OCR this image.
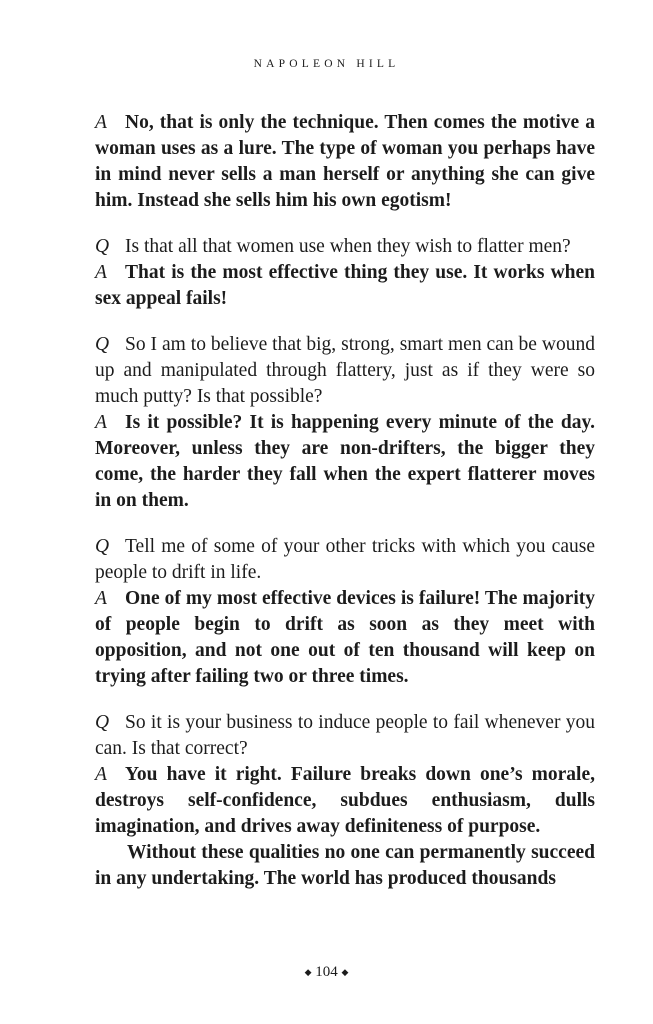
NAPOLEON HILL

A No, that is only the technique. Then comes the motive a woman uses as a lure. The type of woman you perhaps have in mind never sells a man herself or anything she can give him. Instead she sells him his own egotism!

Q Is that all that women use when they wish to flatter men?

A That is the most effective thing they use. It works when sex appeal fails!

Q So I am to believe that big, strong, smart men can be wound up and manipulated through flattery, just as if they were so much putty? Is that possible?

A Is it possible? It is happening every minute of the day. Moreover, unless they are non-drifters, the bigger they come, the harder they fall when the expert flatterer moves in on them.

Q Tell me of some of your other tricks with which you cause people to drift in life.

A One of my most effective devices is failure! The majority of people begin to drift as soon as they meet with opposition, and not one out of ten thousand will keep on trying after failing two or three times.

Q So it is your business to induce people to fail whenever you can. Is that correct?

A You have it right. Failure breaks down one’s morale, destroys self-confidence, subdues enthusiasm, dulls imagination, and drives away definiteness of purpose.

Without these qualities no one can permanently succeed in any undertaking. The world has produced thousands

◆ 104 ◆
